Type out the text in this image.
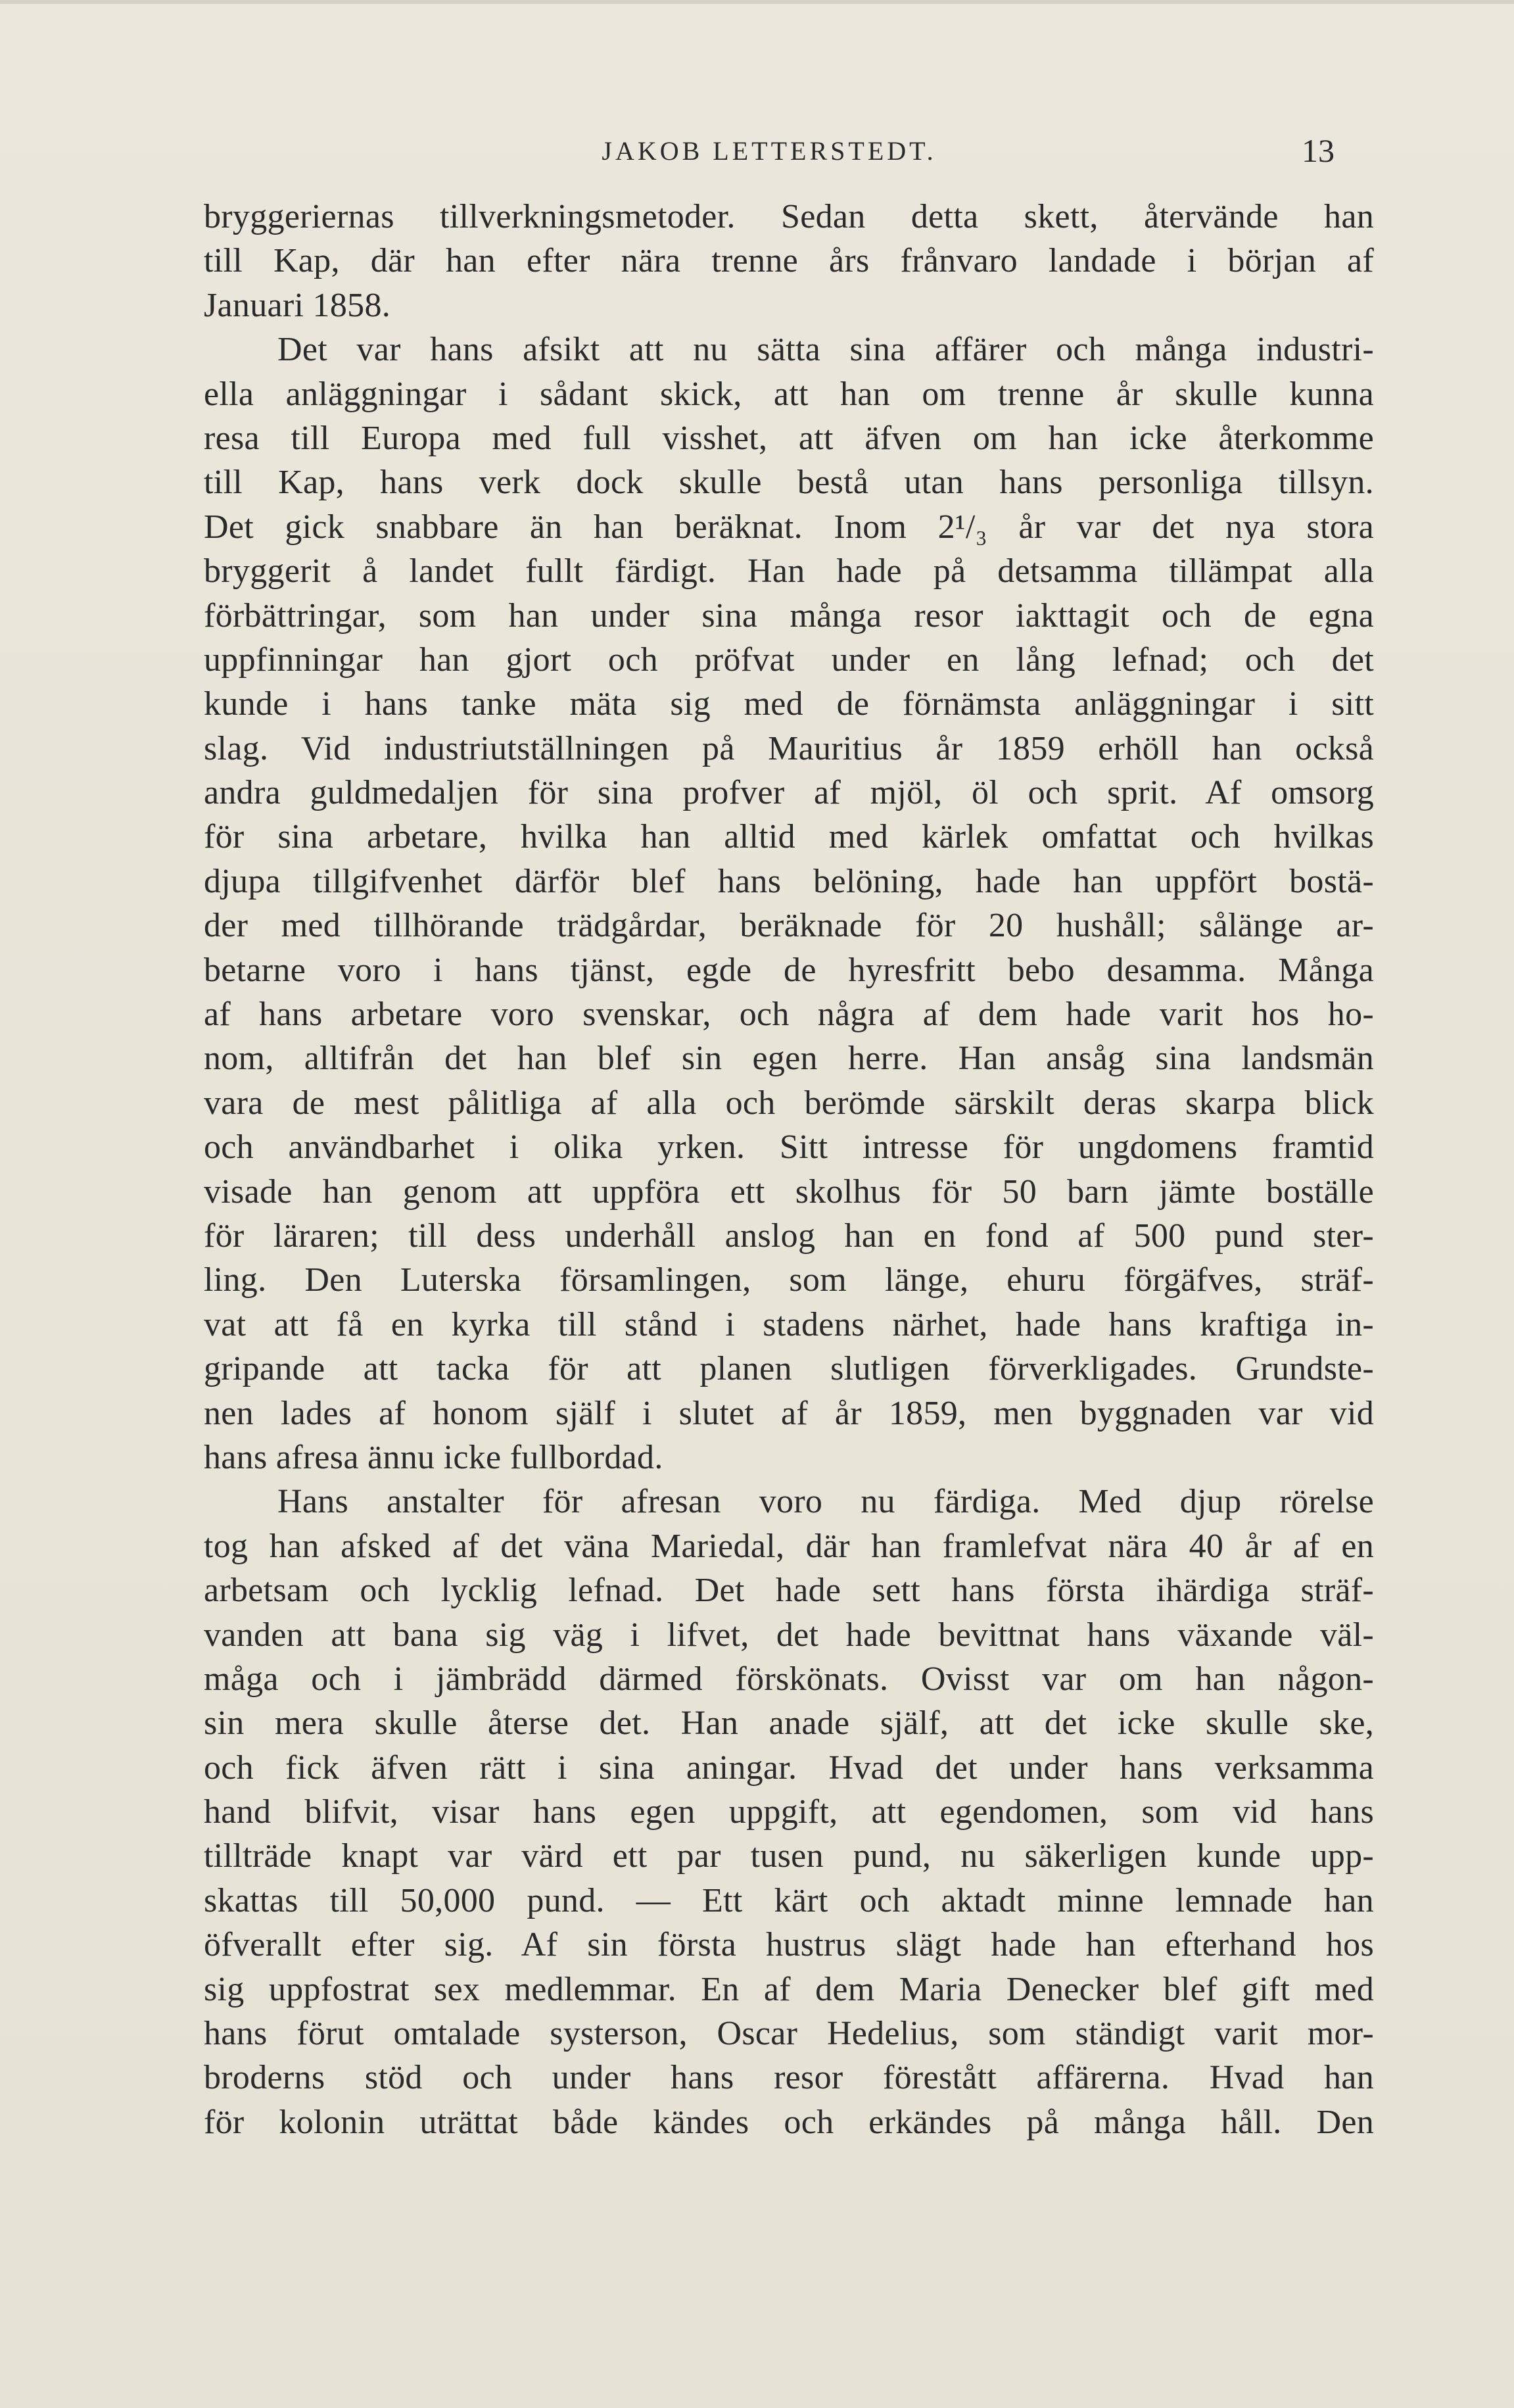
JAKOB LETTERSTEDT.	13
bryggeriernas tillverkningsmetoder. Sedan detta skett, återvände han
till Kap, där han efter nära trenne års frånvaro landade i början af
Januari 1858.
Det var hans afsikt att nu sätta sina affärer och många industri-
ella anläggningar i sådant skick, att han om trenne år skulle kunna
resa till Europa med full visshet, att äfven om han icke återkomme
till Kap, hans verk dock skulle bestå utan hans personliga tillsyn.
Det gick snabbare än han beräknat. Inom 2¹/₃ år var det nya stora
bryggerit å landet fullt färdigt. Han hade på detsamma tillämpat alla
förbättringar, som han under sina många resor iakttagit och de egna
uppfinningar han gjort och pröfvat under en lång lefnad; och det
kunde i hans tanke mäta sig med de förnämsta anläggningar i sitt
slag. Vid industriutställningen på Mauritius år 1859 erhöll han också
andra guldmedaljen för sina profver af mjöl, öl och sprit. Af omsorg
för sina arbetare, hvilka han alltid med kärlek omfattat och hvilkas
djupa tillgifvenhet därför blef hans belöning, hade han uppfört bostä-
der med tillhörande trädgårdar, beräknade för 20 hushåll; sålänge ar-
betarne voro i hans tjänst, egde de hyresfritt bebo desamma. Många
af hans arbetare voro svenskar, och några af dem hade varit hos ho-
nom, alltifrån det han blef sin egen herre. Han ansåg sina landsmän
vara de mest pålitliga af alla och berömde särskilt deras skarpa blick
och användbarhet i olika yrken. Sitt intresse för ungdomens framtid
visade han genom att uppföra ett skolhus för 50 barn jämte boställe
för läraren; till dess underhåll anslog han en fond af 500 pund ster-
ling. Den Luterska församlingen, som länge, ehuru förgäfves, sträf-
vat att få en kyrka till stånd i stadens närhet, hade hans kraftiga in-
gripande att tacka för att planen slutligen förverkligades. Grundste-
nen lades af honom själf i slutet af år 1859, men byggnaden var vid
hans afresa ännu icke fullbordad.
Hans anstalter för afresan voro nu färdiga. Med djup rörelse
tog han afsked af det väna Mariedal, där han framlefvat nära 40 år af en
arbetsam och lycklig lefnad. Det hade sett hans första ihärdiga sträf-
vanden att bana sig väg i lifvet, det hade bevittnat hans växande väl-
måga och i jämbrädd därmed förskönats. Ovisst var om han någon-
sin mera skulle återse det. Han anade själf, att det icke skulle ske,
och fick äfven rätt i sina aningar. Hvad det under hans verksamma
hand blifvit, visar hans egen uppgift, att egendomen, som vid hans
tillträde knapt var värd ett par tusen pund, nu säkerligen kunde upp-
skattas till 50,000 pund. — Ett kärt och aktadt minne lemnade han
öfverallt efter sig. Af sin första hustrus slägt hade han efterhand hos
sig uppfostrat sex medlemmar. En af dem Maria Denecker blef gift med
hans förut omtalade systerson, Oscar Hedelius, som ständigt varit mor-
broderns stöd och under hans resor förestått affärerna. Hvad han
för kolonin uträttat både kändes och erkändes på många håll. Den
